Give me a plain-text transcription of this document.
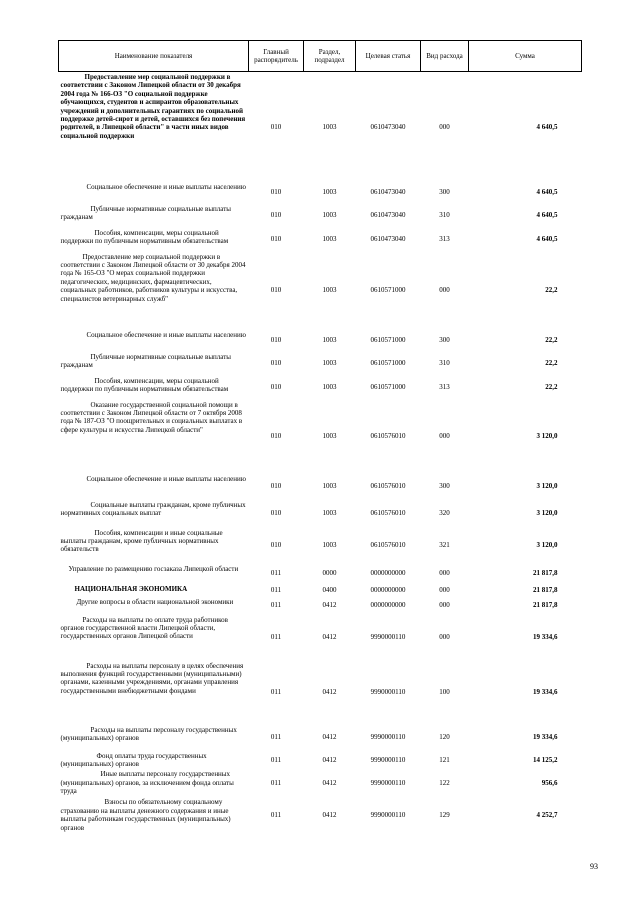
Наименование показателя	Главный распорядитель	Раздел, подраздел	Целевая статья	Вид расхода	Сумма
Предоставление мер социальной поддержки в соответствии с Законом Липецкой области от 30 декабря 2004 года № 166-ОЗ "О социальной поддержке обучающихся, студентов и аспирантов образовательных учреждений и дополнительных гарантиях по социальной поддержке детей-сирот и детей, оставшихся без попечения родителей, в Липецкой области" в части иных видов социальной поддержки	010	1003	0610473040	000	4 640,5
Социальное обеспечение и иные выплаты населению	010	1003	0610473040	300	4 640,5
Публичные нормативные социальные выплаты гражданам	010	1003	0610473040	310	4 640,5
Пособия, компенсации, меры социальной поддержки по публичным нормативным обязательствам	010	1003	0610473040	313	4 640,5
Предоставление мер социальной поддержки в соответствии с Законом Липецкой области от 30 декабря 2004 года № 165-ОЗ "О мерах социальной поддержки педагогических, медицинских, фармацевтических, социальных работников, работников культуры и искусства, специалистов ветеринарных служб"	010	1003	0610571000	000	22,2
Социальное обеспечение и иные выплаты населению	010	1003	0610571000	300	22,2
Публичные нормативные социальные выплаты гражданам	010	1003	0610571000	310	22,2
Пособия, компенсации, меры социальной поддержки по публичным нормативным обязательствам	010	1003	0610571000	313	22,2
Оказание государственной социальной помощи в соответствии с Законом Липецкой области от 7 октября 2008 года № 187-ОЗ "О поощрительных и социальных выплатах в сфере культуры и искусства Липецкой области"	010	1003	0610576010	000	3 120,0
Социальное обеспечение и иные выплаты населению	010	1003	0610576010	300	3 120,0
Социальные выплаты гражданам, кроме публичных нормативных социальных выплат	010	1003	0610576010	320	3 120,0
Пособия, компенсации и иные социальные выплаты гражданам, кроме публичных нормативных обязательств	010	1003	0610576010	321	3 120,0
Управление по размещению госзаказа Липецкой области	011	0000	0000000000	000	21 817,8
НАЦИОНАЛЬНАЯ ЭКОНОМИКА	011	0400	0000000000	000	21 817,8
Другие вопросы в области национальной экономики	011	0412	0000000000	000	21 817,8
Расходы на выплаты по оплате труда работников органов государственной власти Липецкой области, государственных органов Липецкой области	011	0412	9990000110	000	19 334,6
Расходы на выплаты персоналу в целях обеспечения выполнения функций государственными (муниципальными) органами, казенными учреждениями, органами управления государственными внебюджетными фондами	011	0412	9990000110	100	19 334,6
Расходы на выплаты персоналу государственных (муниципальных) органов	011	0412	9990000110	120	19 334,6
Фонд оплаты труда государственных (муниципальных) органов	011	0412	9990000110	121	14 125,2
Иные выплаты персоналу государственных (муниципальных) органов, за исключением фонда оплаты труда	011	0412	9990000110	122	956,6
Взносы по обязательному социальному страхованию на выплаты денежного содержания и иные выплаты работникам государственных (муниципальных) органов	011	0412	9990000110	129	4 252,7
93
